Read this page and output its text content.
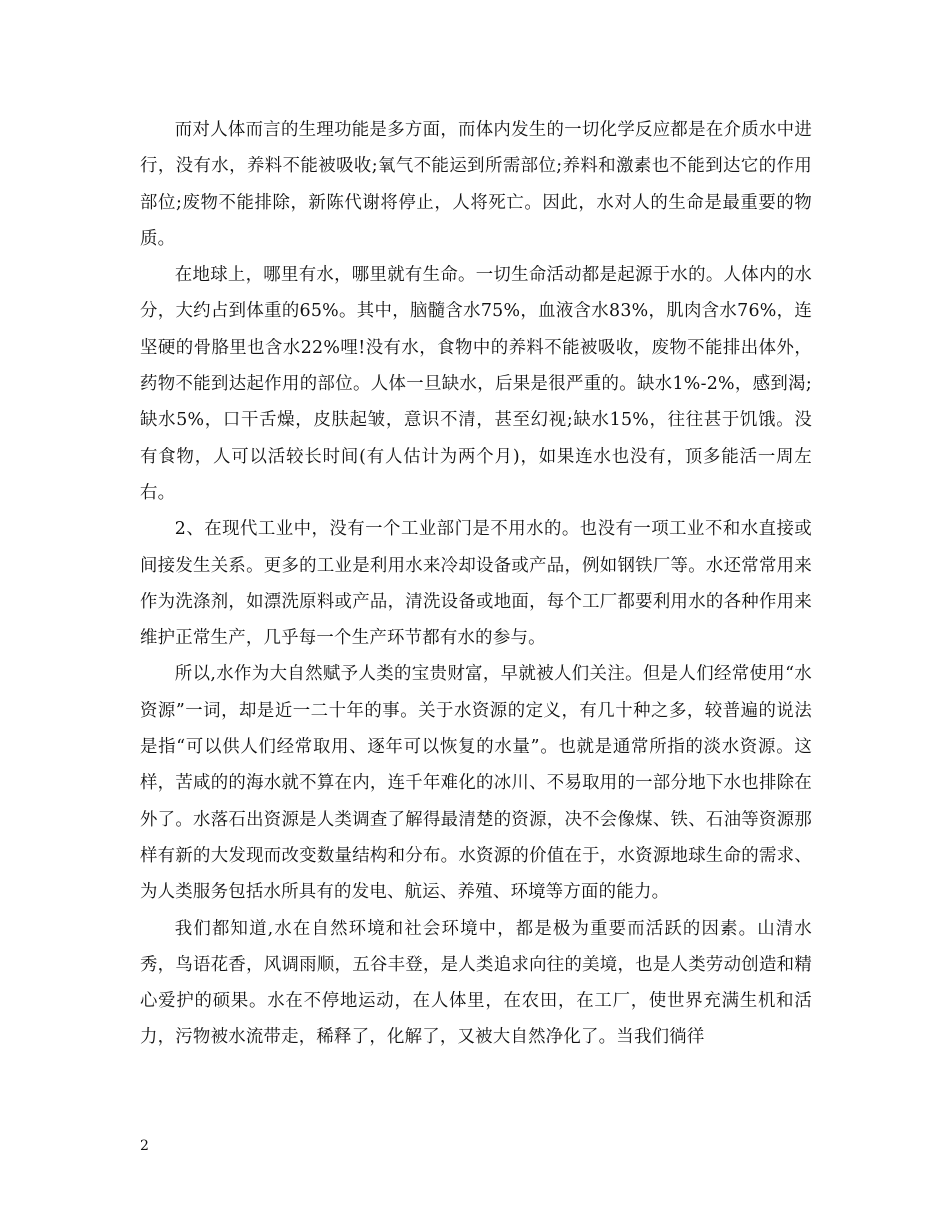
而对人体而言的生理功能是多方面，而体内发生的一切化学反应都是在介质水中进行，没有水，养料不能被吸收;氧气不能运到所需部位;养料和激素也不能到达它的作用部位;废物不能排除，新陈代谢将停止，人将死亡。因此，水对人的生命是最重要的物质。

在地球上，哪里有水，哪里就有生命。一切生命活动都是起源于水的。人体内的水分，大约占到体重的65%。其中，脑髓含水75%，血液含水83%，肌肉含水76%，连坚硬的骨胳里也含水22%哩!没有水，食物中的养料不能被吸收，废物不能排出体外，药物不能到达起作用的部位。人体一旦缺水，后果是很严重的。缺水1%-2%，感到渴;缺水5%，口干舌燥，皮肤起皱，意识不清，甚至幻视;缺水15%，往往甚于饥饿。没有食物，人可以活较长时间(有人估计为两个月)，如果连水也没有，顶多能活一周左右。

2、在现代工业中，没有一个工业部门是不用水的。也没有一项工业不和水直接或间接发生关系。更多的工业是利用水来冷却设备或产品，例如钢铁厂等。水还常常用来作为洗涤剂，如漂洗原料或产品，清洗设备或地面，每个工厂都要利用水的各种作用来维护正常生产，几乎每一个生产环节都有水的参与。

所以,水作为大自然赋予人类的宝贵财富，早就被人们关注。但是人们经常使用“水资源”一词，却是近一二十年的事。关于水资源的定义，有几十种之多，较普遍的说法是指“可以供人们经常取用、逐年可以恢复的水量”。也就是通常所指的淡水资源。这样，苦咸的的海水就不算在内，连千年难化的冰川、不易取用的一部分地下水也排除在外了。水落石出资源是人类调查了解得最清楚的资源，决不会像煤、铁、石油等资源那样有新的大发现而改变数量结构和分布。水资源的价值在于，水资源地球生命的需求、为人类服务包括水所具有的发电、航运、养殖、环境等方面的能力。

我们都知道,水在自然环境和社会环境中，都是极为重要而活跃的因素。山清水秀，鸟语花香，风调雨顺，五谷丰登，是人类追求向往的美境，也是人类劳动创造和精心爱护的硕果。水在不停地运动，在人体里，在农田，在工厂，使世界充满生机和活力，污物被水流带走，稀释了，化解了，又被大自然净化了。当我们徜徉

2
